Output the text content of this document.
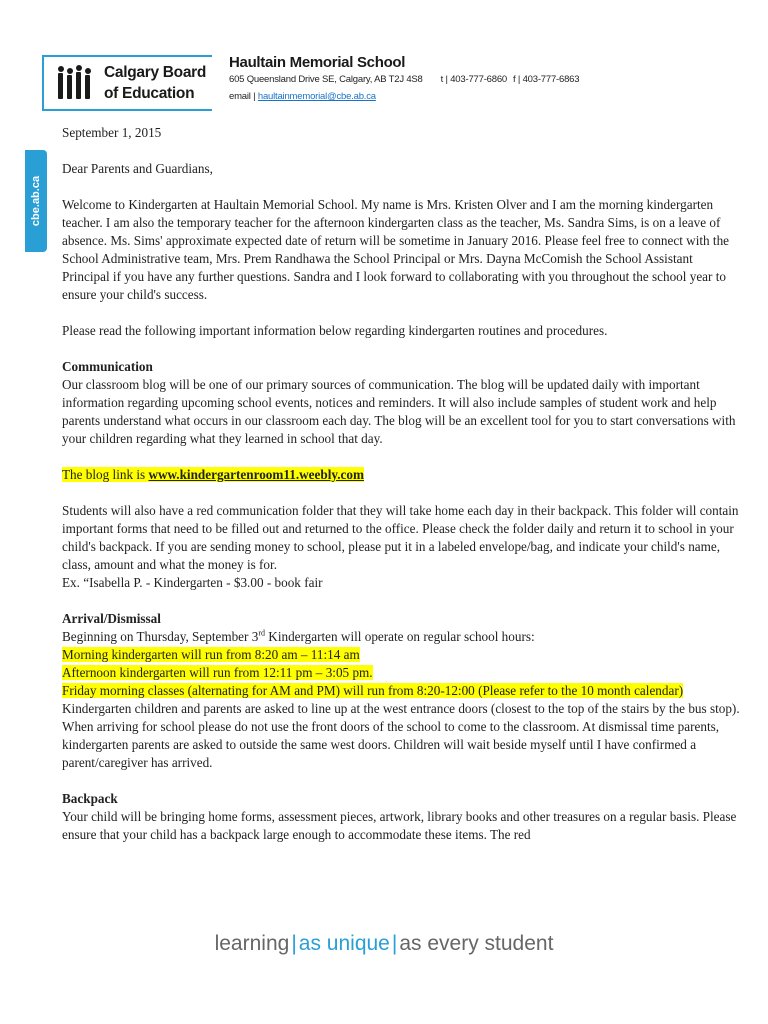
Calgary Board
of Education
Haultain Memorial School
605 Queensland Drive SE, Calgary, AB T2J 4S8 t | 403-777-6860 f | 403-777-6863
email | haultainmemorial@cbe.ab.ca
cbe.ab.ca

September 1, 2015

Dear Parents and Guardians,

Welcome to Kindergarten at Haultain Memorial School. My name is Mrs. Kristen Olver and I am the morning kindergarten teacher. I am also the temporary teacher for the afternoon kindergarten class as the teacher, Ms. Sandra Sims, is on a leave of absence. Ms. Sims' approximate expected date of return will be sometime in January 2016. Please feel free to connect with the School Administrative team, Mrs. Prem Randhawa the School Principal or Mrs. Dayna McComish the School Assistant Principal if you have any further questions. Sandra and I look forward to collaborating with you throughout the school year to ensure your child's success.

Please read the following important information below regarding kindergarten routines and procedures.

Communication

Our classroom blog will be one of our primary sources of communication. The blog will be updated daily with important information regarding upcoming school events, notices and reminders. It will also include samples of student work and help parents understand what occurs in our classroom each day. The blog will be an excellent tool for you to start conversations with your children regarding what they learned in school that day.

The blog link is www.kindergartenroom11.weebly.com

Students will also have a red communication folder that they will take home each day in their backpack. This folder will contain important forms that need to be filled out and returned to the office. Please check the folder daily and return it to school in your child's backpack. If you are sending money to school, please put it in a labeled envelope/bag, and indicate your child's name, class, amount and what the money is for.

Ex. “Isabella P. - Kindergarten - $3.00 - book fair

Arrival/Dismissal

Beginning on Thursday, September 3rd Kindergarten will operate on regular school hours:

Morning kindergarten will run from 8:20 am – 11:14 am

Afternoon kindergarten will run from 12:11 pm – 3:05 pm.

Friday morning classes (alternating for AM and PM) will run from 8:20-12:00 (Please refer to the 10 month calendar)

Kindergarten children and parents are asked to line up at the west entrance doors (closest to the top of the stairs by the bus stop). When arriving for school please do not use the front doors of the school to come to the classroom. At dismissal time parents, kindergarten parents are asked to outside the same west doors. Children will wait beside myself until I have confirmed a parent/caregiver has arrived.

Backpack

Your child will be bringing home forms, assessment pieces, artwork, library books and other treasures on a regular basis. Please ensure that your child has a backpack large enough to accommodate these items. The red

learning|as unique|as every student
